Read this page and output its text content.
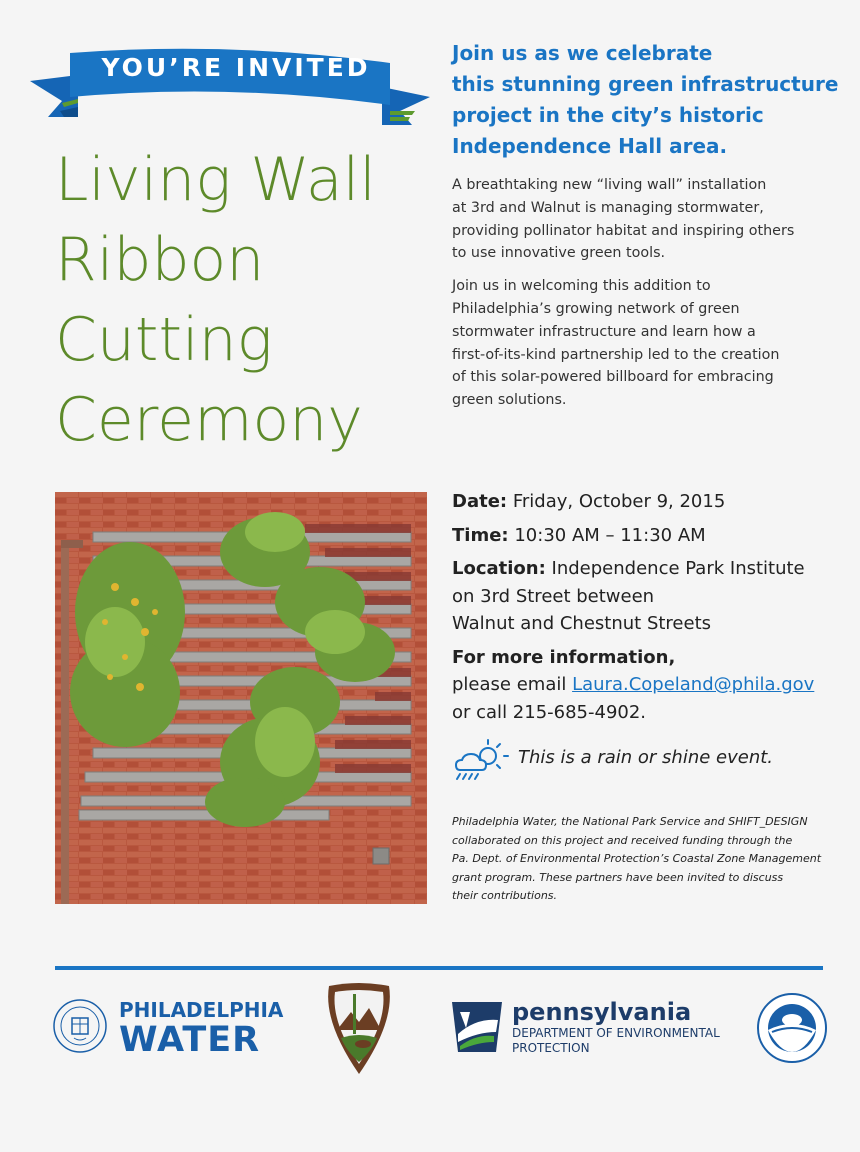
YOU’RE INVITED
Living Wall
Ribbon
Cutting
Ceremony

Join us as we celebrate
this stunning green infrastructure
project in the city’s historic
Independence Hall area.

A breathtaking new “living wall” installation
at 3rd and Walnut is managing stormwater,
providing pollinator habitat and inspiring others
to use innovative green tools.

Join us in welcoming this addition to
Philadelphia’s growing network of green
stormwater infrastructure and learn how a
first-of-its-kind partnership led to the creation
of this solar-powered billboard for embracing
green solutions.

Date: Friday, October 9, 2015
Time: 10:30 AM – 11:30 AM
Location: Independence Park Institute
on 3rd Street between
Walnut and Chestnut Streets
For more information,
please email Laura.Copeland@phila.gov
or call 215-685-4902.
This is a rain or shine event.
Philadelphia Water, the National Park Service and SHIFT_DESIGN
collaborated on this project and received funding through the
Pa. Dept. of Environmental Protection’s Coastal Zone Management
grant program. These partners have been invited to discuss
their contributions.
PHILADELPHIA
WATER
pennsylvania
DEPARTMENT OF ENVIRONMENTAL
PROTECTION
